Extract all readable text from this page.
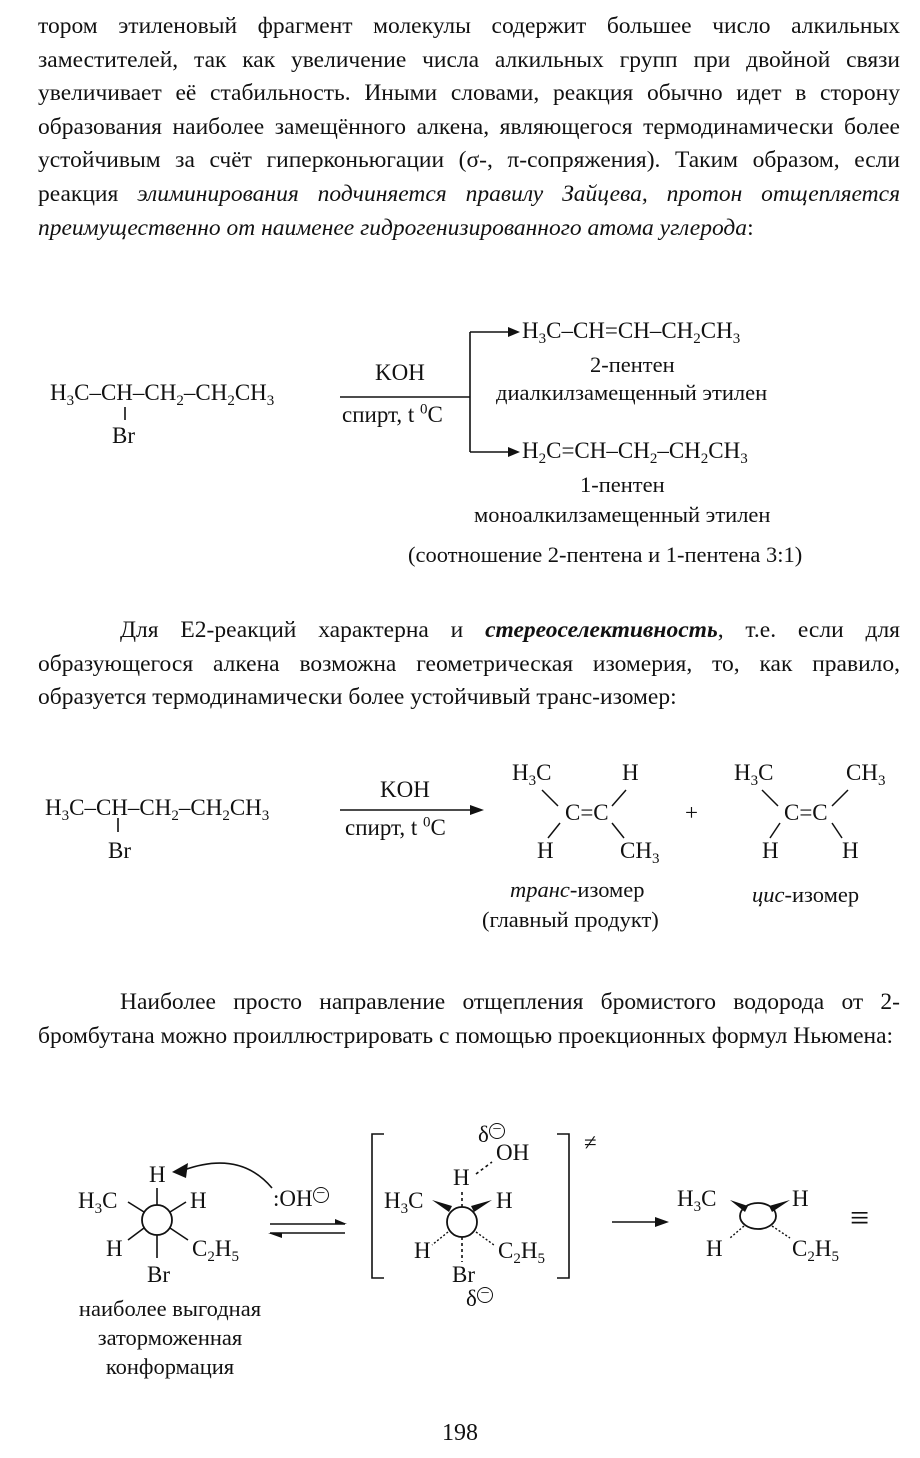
тором этиленовый фрагмент молекулы содержит большее число алкильных заместителей, так как увеличение числа алкильных групп при двойной связи увеличивает её стабильность. Иными словами, реакция обычно идет в сторону образования наиболее замещённого алкена, являющегося термодинамически более устойчивым за счёт гиперконьюгации (σ-, π-сопряжения). Таким образом, если реакция элиминирования подчиняется правилу Зайцева, протон отщепляется преимущественно от наименее гидрогенизированного атома углерода:

$H_3C-CH-CH_2-CH_2CH_3$
Br
KOH
спирт, t $^0$C
$H_3C-CH=CH-CH_2CH_3$
2-пентен
диалкилзамещенный этилен
$H_2C=CH-CH_2-CH_2CH_3$
1-пентен
моноалкилзамещенный этилен
(соотношение 2-пентена и 1-пентена 3:1)

Для Е2-реакций характерна и стереоселективность, т.е. если для образующегося алкена возможна геометрическая изомерия, то, как правило, образуется термодинамически более устойчивый транс-изомер:

$H_3C-CH-CH_2-CH_2CH_3$
Br
KOH
спирт, t $^0$C
$H_3C$	H
C=C
H	$CH_3$
+
$H_3C$	$CH_3$
C=C
H	H
транс-изомер
(главный продукт)
цис-изомер

Наиболее просто направление отщепления бромистого водорода от 2-бромбутана можно проиллюстрировать с помощью проекционных формул Ньюмена:

H
$H_3C$	H
H	$C_2H_5$
Br
:OH −
δ −
OH
H
$H_3C$	H
H	$C_2H_5$
Br
δ −
≠
$H_3C$	H
H	$C_2H_5$
≡
наиболее выгодная заторможенная конформация
198
